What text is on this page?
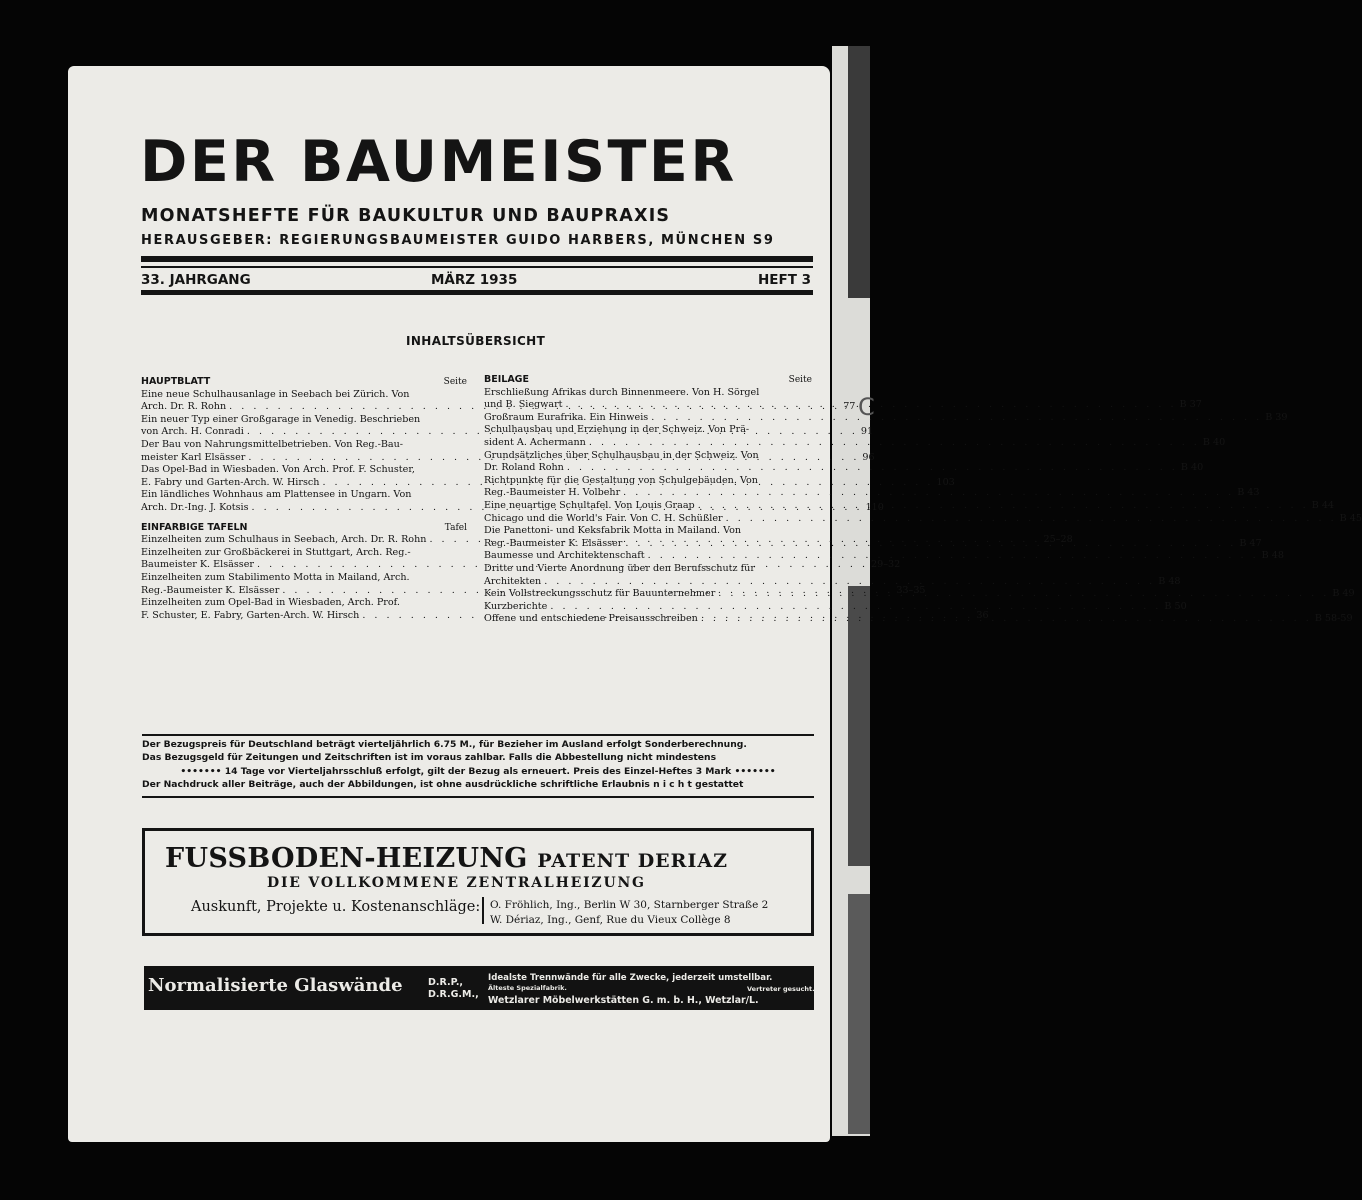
C
DER BAUMEISTER
MONATSHEFTE FÜR BAUKULTUR UND BAUPRAXIS
HERAUSGEBER: REGIERUNGSBAUMEISTER GUIDO HARBERS, MÜNCHEN S9
33. JAHRGANG	MÄRZ 1935	HEFT 3
INHALTSÜBERSICHT
HAUPTBLATT	Seite
Eine neue Schulhausanlage in Seebach bei Zürich. Von
Arch. Dr. R. Rohn . . .	77
Ein neuer Typ einer Großgarage in Venedig. Beschrieben
von Arch. H. Conradi . . .	91
Der Bau von Nahrungsmittelbetrieben. Von Reg.-Bau-
meister Karl Elsässer . . .	96
Das Opel-Bad in Wiesbaden. Von Arch. Prof. F. Schuster,
E. Fabry und Garten-Arch. W. Hirsch . . .	103
Ein ländliches Wohnhaus am Plattensee in Ungarn. Von
Arch. Dr.-Ing. J. Kotsis . . .	110
EINFARBIGE TAFELN	Tafel
Einzelheiten zum Schulhaus in Seebach, Arch. Dr. R. Rohn . . .	25–28
Einzelheiten zur Großbäckerei in Stuttgart, Arch. Reg.-
Baumeister K. Elsässer . . .	29–32
Einzelheiten zum Stabilimento Motta in Mailand, Arch.
Reg.-Baumeister K. Elsässer . . .	33–35
Einzelheiten zum Opel-Bad in Wiesbaden, Arch. Prof.
F. Schuster, E. Fabry, Garten-Arch. W. Hirsch . . .	36
BEILAGE	Seite
Erschließung Afrikas durch Binnenmeere. Von H. Sörgel
und B. Siegwart . . .	B 37
Großraum Eurafrika. Ein Hinweis . . .	B 39
Schulhausbau und Erziehung in der Schweiz. Von Prä-
sident A. Achermann . . .	B 40
Grundsätzliches über Schulhausbau in der Schweiz. Von
Dr. Roland Rohn . . .	B 40
Richtpunkte für die Gestaltung von Schulgebäuden. Von
Reg.-Baumeister H. Volbehr . . .	B 43
Eine neuartige Schultafel. Von Louis Graap . . .	B 44
Chicago und die World's Fair. Von C. H. Schüßler . . .	B 45
Die Panettoni- und Keksfabrik Motta in Mailand. Von
Reg.-Baumeister K. Elsässer . . .	B 47
Baumesse und Architektenschaft . . .	B 48
Dritte und Vierte Anordnung über den Berufsschutz für
Architekten . . .	B 48
Kein Vollstreckungsschutz für Bauunternehmer . . .	B 49
Kurzberichte . . .	B 50
Offene und entschiedene Preisausschreiben . . .	B 58-59
Der Bezugspreis für Deutschland beträgt vierteljährlich 6.75 M., für Bezieher im Ausland erfolgt Sonderberechnung.
Das Bezugsgeld für Zeitungen und Zeitschriften ist im voraus zahlbar. Falls die Abbestellung nicht mindestens
••••••• 14 Tage vor Vierteljahrsschluß erfolgt, gilt der Bezug als erneuert. Preis des Einzel-Heftes 3 Mark •••••••
Der Nachdruck aller Beiträge, auch der Abbildungen, ist ohne ausdrückliche schriftliche Erlaubnis n i c h t gestattet
FUSSBODEN-HEIZUNG PATENT DERIAZ
DIE VOLLKOMMENE ZENTRALHEIZUNG
Auskunft, Projekte u. Kostenanschläge: O. Fröhlich, Ing., Berlin W 30, Starnberger Straße 2
W. Dériaz, Ing., Genf, Rue du Vieux Collège 8
Normalisierte Glaswände	D.R.P.,
D.R.G.M.,
Idealste Trennwände für alle Zwecke, jederzeit umstellbar.
Älteste Spezialfabrik.	Vertreter gesucht.
Wetzlarer Möbelwerkstätten G. m. b. H., Wetzlar/L.
